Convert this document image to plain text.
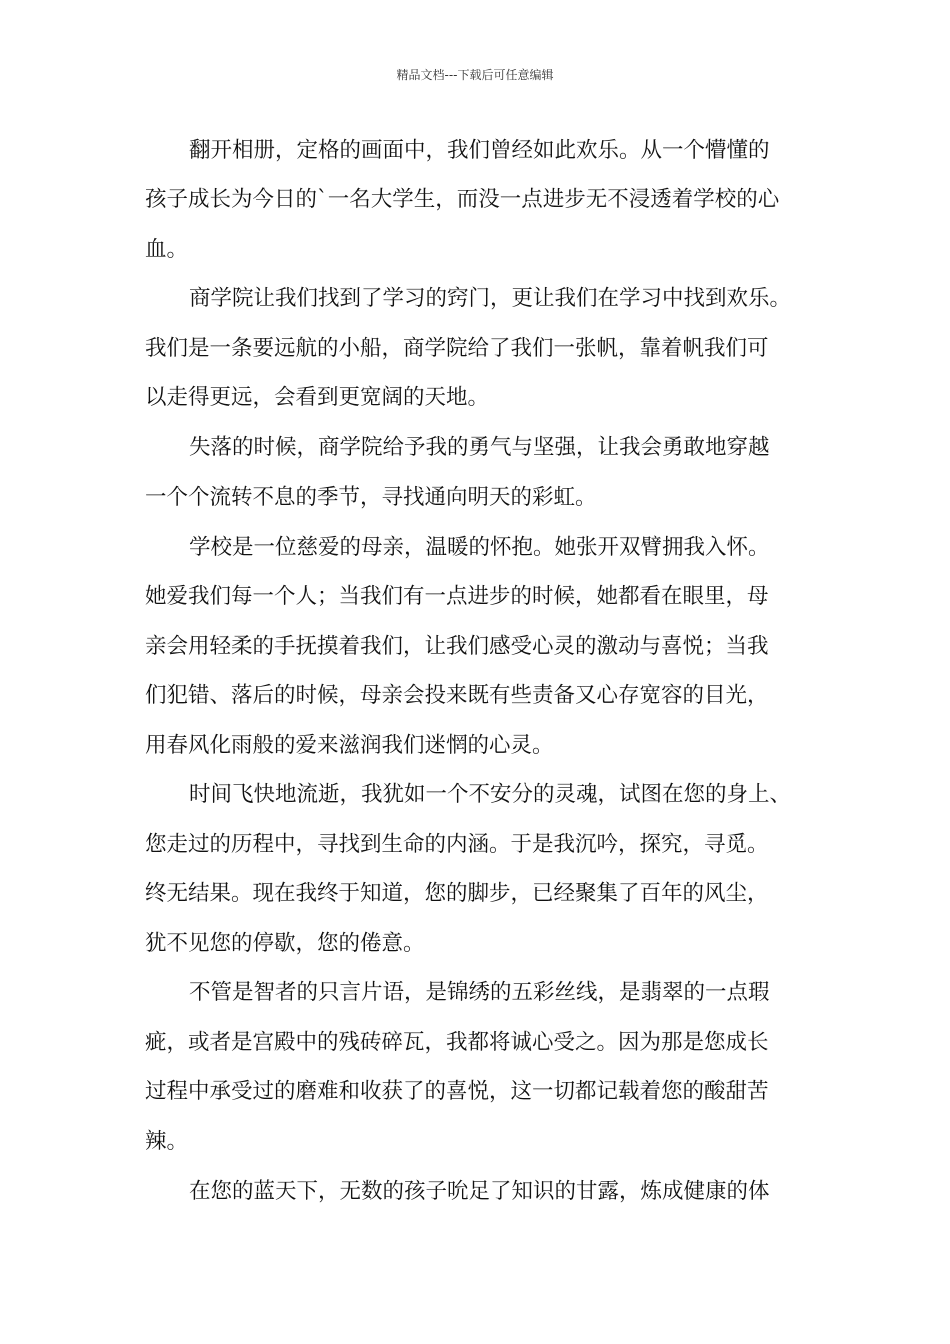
精品文档---下载后可任意编辑
翻开相册，定格的画面中，我们曾经如此欢乐。从一个懵懂的
孩子成长为今日的`一名大学生，而没一点进步无不浸透着学校的心
血。
商学院让我们找到了学习的窍门，更让我们在学习中找到欢乐。
我们是一条要远航的小船，商学院给了我们一张帆，靠着帆我们可
以走得更远，会看到更宽阔的天地。
失落的时候，商学院给予我的勇气与坚强，让我会勇敢地穿越
一个个流转不息的季节，寻找通向明天的彩虹。
学校是一位慈爱的母亲，温暖的怀抱。她张开双臂拥我入怀。
她爱我们每一个人；当我们有一点进步的时候，她都看在眼里，母
亲会用轻柔的手抚摸着我们，让我们感受心灵的激动与喜悦；当我
们犯错、落后的时候，母亲会投来既有些责备又心存宽容的目光，
用春风化雨般的爱来滋润我们迷惘的心灵。
时间飞快地流逝，我犹如一个不安分的灵魂，试图在您的身上、
您走过的历程中，寻找到生命的内涵。于是我沉吟，探究，寻觅。
终无结果。现在我终于知道，您的脚步，已经聚集了百年的风尘，
犹不见您的停歇，您的倦意。
不管是智者的只言片语，是锦绣的五彩丝线，是翡翠的一点瑕
疵，或者是宫殿中的残砖碎瓦，我都将诚心受之。因为那是您成长
过程中承受过的磨难和收获了的喜悦，这一切都记载着您的酸甜苦
辣。
在您的蓝天下，无数的孩子吮足了知识的甘露，炼成健康的体
